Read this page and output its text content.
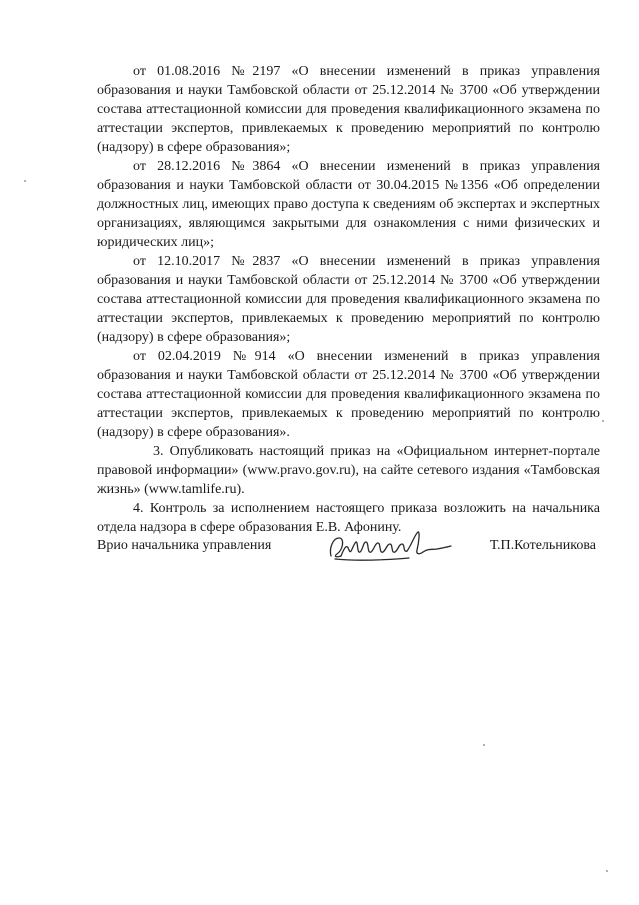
от 01.08.2016 №2197 «О внесении изменений в приказ управления образования и науки Тамбовской области от 25.12.2014 № 3700 «Об утверждении состава аттестационной комиссии для проведения квалификационного экзамена по аттестации экспертов, привлекаемых к проведению мероприятий по контролю (надзору) в сфере образования»;

от 28.12.2016 №3864 «О внесении изменений в приказ управления образования и науки Тамбовской области от 30.04.2015 №1356 «Об определении должностных лиц, имеющих право доступа к сведениям об экспертах и экспертных организациях, являющимся закрытыми для ознакомления с ними физических и юридических лиц»;

от 12.10.2017 №2837 «О внесении изменений в приказ управления образования и науки Тамбовской области от 25.12.2014 № 3700 «Об утверждении состава аттестационной комиссии для проведения квалификационного экзамена по аттестации экспертов, привлекаемых к проведению мероприятий по контролю (надзору) в сфере образования»;

от 02.04.2019 №914 «О внесении изменений в приказ управления образования и науки Тамбовской области от 25.12.2014 № 3700 «Об утверждении состава аттестационной комиссии для проведения квалификационного экзамена по аттестации экспертов, привлекаемых к проведению мероприятий по контролю (надзору) в сфере образования».

3. Опубликовать настоящий приказ на «Официальном интернет-портале правовой информации» (www.pravo.gov.ru), на сайте сетевого издания «Тамбовская жизнь» (www.tamlife.ru).

4. Контроль за исполнением настоящего приказа возложить на начальника отдела надзора в сфере образования Е.В. Афонину.

Врио начальника управления	Т.П.Котельникова
